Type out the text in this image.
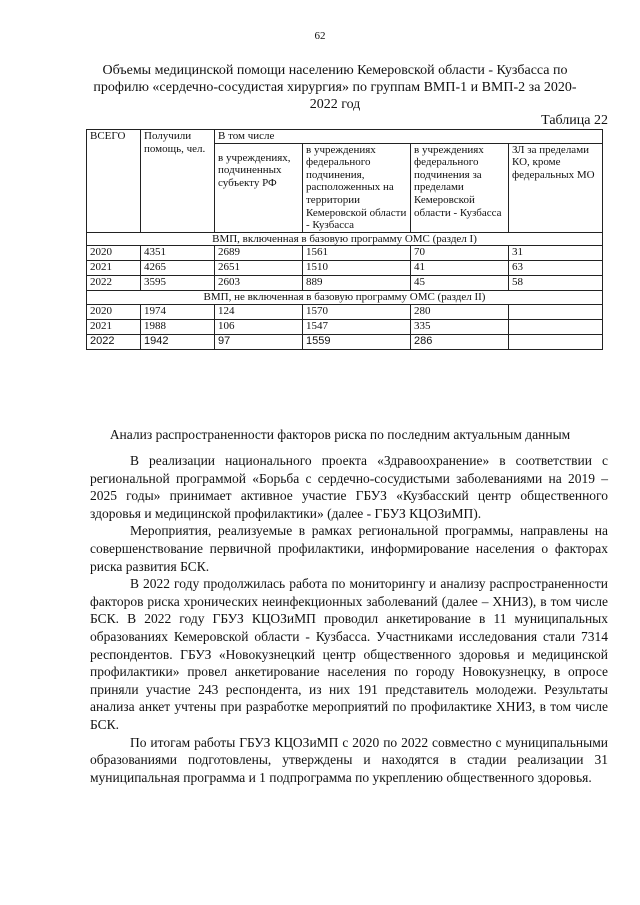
62
Объемы медицинской помощи населению Кемеровской области - Кузбасса по профилю «сердечно-сосудистая хирургия» по группам ВМП-1 и ВМП-2 за 2020-2022 год
Таблица 22
ВСЕГО	Получили помощь, чел.	В том числе			
		в учреждениях, подчиненных субъекту РФ	в учреждениях федерального подчинения, расположенных на территории Кемеровской области - Кузбасса	в учреждениях федерального подчинения за пределами Кемеровской области - Кузбасса	ЗЛ за пределами КО, кроме федеральных МО
ВМП, включенная в базовую программу ОМС (раздел I)					
2020	4351	2689	1561	70	31
2021	4265	2651	1510	41	63
2022	3595	2603	889	45	58
ВМП, не включенная в базовую программу ОМС (раздел II)					
2020	1974	124	1570	280	
2021	1988	106	1547	335	
2022	1942	97	1559	286	
Анализ распространенности факторов риска по последним актуальным данным

В реализации национального проекта «Здравоохранение» в соответствии с региональной программой «Борьба с сердечно-сосудистыми заболеваниями на 2019 – 2025 годы» принимает активное участие ГБУЗ «Кузбасский центр общественного здоровья и медицинской профилактики» (далее - ГБУЗ КЦОЗиМП).

Мероприятия, реализуемые в рамках региональной программы, направлены на совершенствование первичной профилактики, информирование населения о факторах риска развития БСК.

В 2022 году продолжилась работа по мониторингу и анализу распространенности факторов риска хронических неинфекционных заболеваний (далее – ХНИЗ), в том числе БСК. В 2022 году ГБУЗ КЦОЗиМП проводил анкетирование в 11 муниципальных образованиях Кемеровской области - Кузбасса. Участниками исследования стали 7314 респондентов. ГБУЗ «Новокузнецкий центр общественного здоровья и медицинской профилактики» провел анкетирование населения по городу Новокузнецку, в опросе приняли участие 243 респондента, из них 191 представитель молодежи. Результаты анализа анкет учтены при разработке мероприятий по профилактике ХНИЗ, в том числе БСК.

По итогам работы ГБУЗ КЦОЗиМП с 2020 по 2022 совместно с муниципальными образованиями подготовлены, утверждены и находятся в стадии реализации 31 муниципальная программа и 1 подпрограмма по укреплению общественного здоровья.
